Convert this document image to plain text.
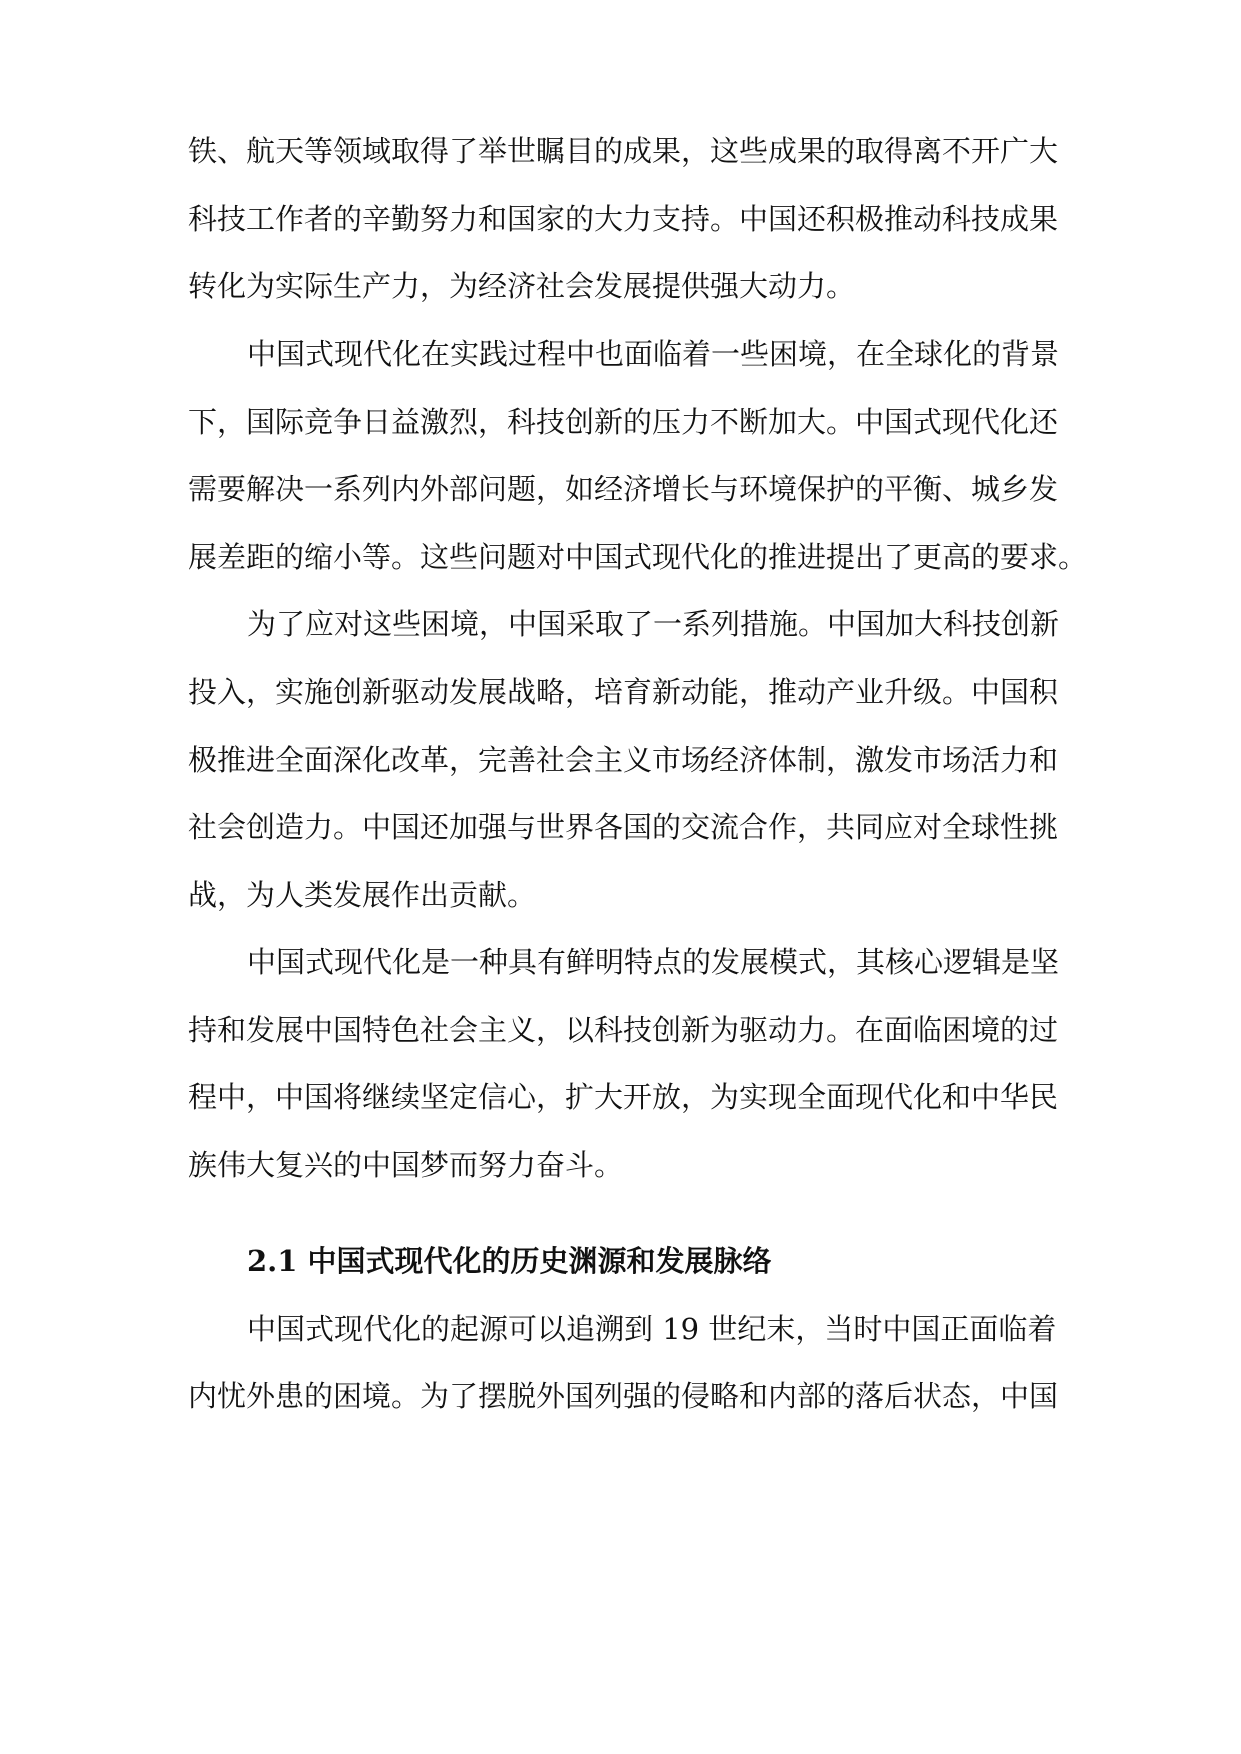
铁、航天等领域取得了举世瞩目的成果，这些成果的取得离不开广大
科技工作者的辛勤努力和国家的大力支持。中国还积极推动科技成果
转化为实际生产力，为经济社会发展提供强大动力。
中国式现代化在实践过程中也面临着一些困境，在全球化的背景
下，国际竞争日益激烈，科技创新的压力不断加大。中国式现代化还
需要解决一系列内外部问题，如经济增长与环境保护的平衡、城乡发
展差距的缩小等。这些问题对中国式现代化的推进提出了更高的要求。
为了应对这些困境，中国采取了一系列措施。中国加大科技创新
投入，实施创新驱动发展战略，培育新动能，推动产业升级。中国积
极推进全面深化改革，完善社会主义市场经济体制，激发市场活力和
社会创造力。中国还加强与世界各国的交流合作，共同应对全球性挑
战，为人类发展作出贡献。
中国式现代化是一种具有鲜明特点的发展模式，其核心逻辑是坚
持和发展中国特色社会主义，以科技创新为驱动力。在面临困境的过
程中，中国将继续坚定信心，扩大开放，为实现全面现代化和中华民
族伟大复兴的中国梦而努力奋斗。
2.1 中国式现代化的历史渊源和发展脉络
中国式现代化的起源可以追溯到 19 世纪末，当时中国正面临着
内忧外患的困境。为了摆脱外国列强的侵略和内部的落后状态，中国
